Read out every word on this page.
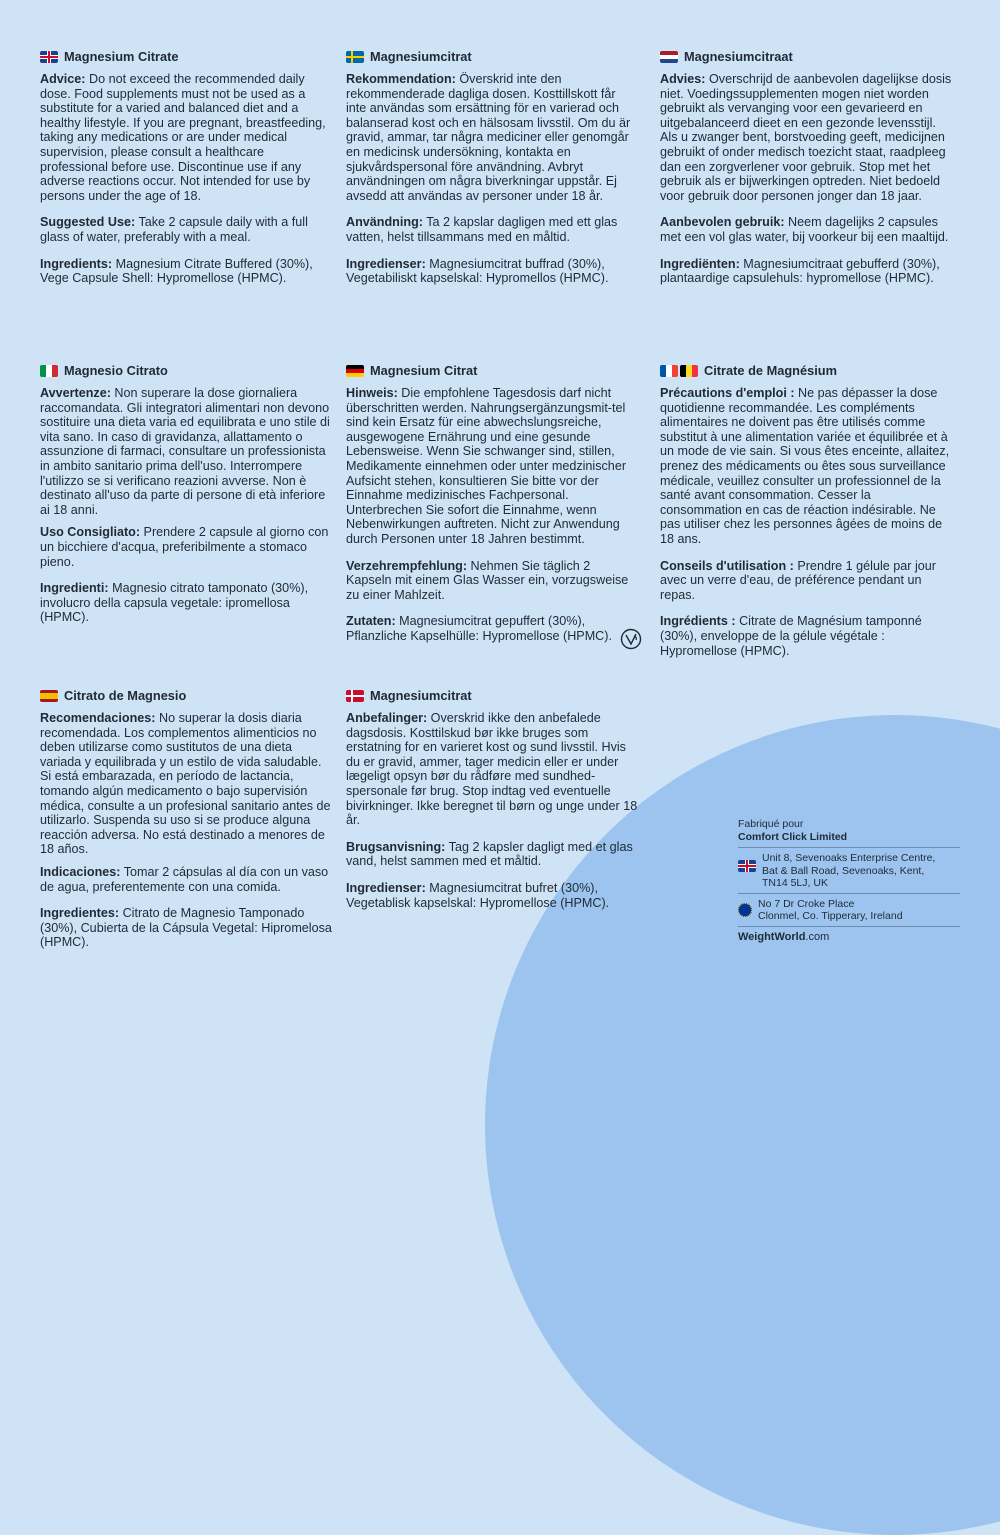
Magnesium Citrate

Advice: Do not exceed the recommended daily dose. Food supplements must not be used as a substitute for a varied and balanced diet and a healthy lifestyle. If you are pregnant, breastfeeding, taking any medications or are under medical supervision, please consult a healthcare professional before use. Discontinue use if any adverse reactions occur. Not intended for use by persons under the age of 18.

Suggested Use: Take 2 capsule daily with a full glass of water, preferably with a meal.

Ingredients: Magnesium Citrate Buffered (30%), Vege Capsule Shell: Hypromellose (HPMC).

Magnesiumcitrat

Rekommendation: Överskrid inte den rekommenderade dagliga dosen. Kosttillskott får inte användas som ersättning för en varierad och balanserad kost och en hälsosam livsstil. Om du är gravid, ammar, tar några mediciner eller genomgår en medicinsk undersökning, kontakta en sjukvårdspersonal före användning. Avbryt användningen om några biverkningar uppstår. Ej avsedd att användas av personer under 18 år.

Användning: Ta 2 kapslar dagligen med ett glas vatten, helst tillsammans med en måltid.

Ingredienser: Magnesiumcitrat buffrad (30%), Vegetabiliskt kapselskal: Hypromellos (HPMC).

Magnesiumcitraat

Advies: Overschrijd de aanbevolen dagelijkse dosis niet. Voedingssupplementen mogen niet worden gebruikt als vervanging voor een gevarieerd en uitgebalanceerd dieet en een gezonde levensstijl. Als u zwanger bent, borstvoeding geeft, medicijnen gebruikt of onder medisch toezicht staat, raadpleeg dan een zorgverlener voor gebruik. Stop met het gebruik als er bijwerkingen optreden. Niet bedoeld voor gebruik door personen jonger dan 18 jaar.

Aanbevolen gebruik: Neem dagelijks 2 capsules met een vol glas water, bij voorkeur bij een maaltijd.

Ingrediënten: Magnesiumcitraat gebufferd (30%), plantaardige capsulehuls: hypromellose (HPMC).

Magnesio Citrato

Avvertenze: Non superare la dose giornaliera raccomandata. Gli integratori alimentari non devono sostituire una dieta varia ed equilibrata e uno stile di vita sano. In caso di gravidanza, allattamento o assunzione di farmaci, consultare un professionista in ambito sanitario prima dell'uso. Interrompere l'utilizzo se si verificano reazioni avverse. Non è destinato all'uso da parte di persone di età inferiore ai 18 anni.

Uso Consigliato: Prendere 2 capsule al giorno con un bicchiere d'acqua, preferibilmente a stomaco pieno.

Ingredienti: Magnesio citrato tamponato (30%), involucro della capsula vegetale: ipromellosa (HPMC).

Magnesium Citrat

Hinweis: Die empfohlene Tagesdosis darf nicht überschritten werden. Nahrungsergänzungsmit-tel sind kein Ersatz für eine abwechslungsreiche, ausgewogene Ernährung und eine gesunde Lebensweise. Wenn Sie schwanger sind, stillen, Medikamente einnehmen oder unter medzinischer Aufsicht stehen, konsultieren Sie bitte vor der Einnahme medizinisches Fachpersonal. Unterbrechen Sie sofort die Einnahme, wenn Nebenwirkungen auftreten. Nicht zur Anwendung durch Personen unter 18 Jahren bestimmt.

Verzehrempfehlung: Nehmen Sie täglich 2 Kapseln mit einem Glas Wasser ein, vorzugsweise zu einer Mahlzeit.

Zutaten: Magnesiumcitrat gepuffert (30%), Pflanzliche Kapselhülle: Hypromellose (HPMC).

Citrate de Magnésium

Précautions d'emploi : Ne pas dépasser la dose quotidienne recommandée. Les compléments alimentaires ne doivent pas être utilisés comme substitut à une alimentation variée et équilibrée et à un mode de vie sain. Si vous êtes enceinte, allaitez, prenez des médicaments ou êtes sous surveillance médicale, veuillez consulter un professionnel de la santé avant consommation. Cesser la consommation en cas de réaction indésirable. Ne pas utiliser chez les personnes âgées de moins de 18 ans.

Conseils d'utilisation : Prendre 1 gélule par jour avec un verre d'eau, de préférence pendant un repas.

Ingrédients : Citrate de Magnésium tamponné (30%), enveloppe de la gélule végétale : Hypromellose (HPMC).

Citrato de Magnesio

Recomendaciones: No superar la dosis diaria recomendada. Los complementos alimenticios no deben utilizarse como sustitutos de una dieta variada y equilibrada y un estilo de vida saludable. Si está embarazada, en período de lactancia, tomando algún medicamento o bajo supervisión médica, consulte a un profesional sanitario antes de utilizarlo. Suspenda su uso si se produce alguna reacción adversa. No está destinado a menores de 18 años.

Indicaciones: Tomar 2 cápsulas al día con un vaso de agua, preferentemente con una comida.

Ingredientes: Citrato de Magnesio Tamponado (30%), Cubierta de la Cápsula Vegetal: Hipromelosa (HPMC).

Magnesiumcitrat

Anbefalinger: Overskrid ikke den anbefalede dagsdosis. Kosttilskud bør ikke bruges som erstatning for en varieret kost og sund livsstil. Hvis du er gravid, ammer, tager medicin eller er under lægeligt opsyn bør du rådføre med sundhed-spersonale før brug. Stop indtag ved eventuelle bivirkninger. Ikke beregnet til børn og unge under 18 år.

Brugsanvisning: Tag 2 kapsler dagligt med et glas vand, helst sammen med et måltid.

Ingredienser: Magnesiumcitrat bufret (30%), Vegetablisk kapselskal: Hypromellose (HPMC).

Fabriqué pour
Comfort Click Limited
Unit 8, Sevenoaks Enterprise Centre,
Bat & Ball Road, Sevenoaks, Kent,
TN14 5LJ, UK
No 7 Dr Croke Place
Clonmel, Co. Tipperary, Ireland
WeightWorld.com
